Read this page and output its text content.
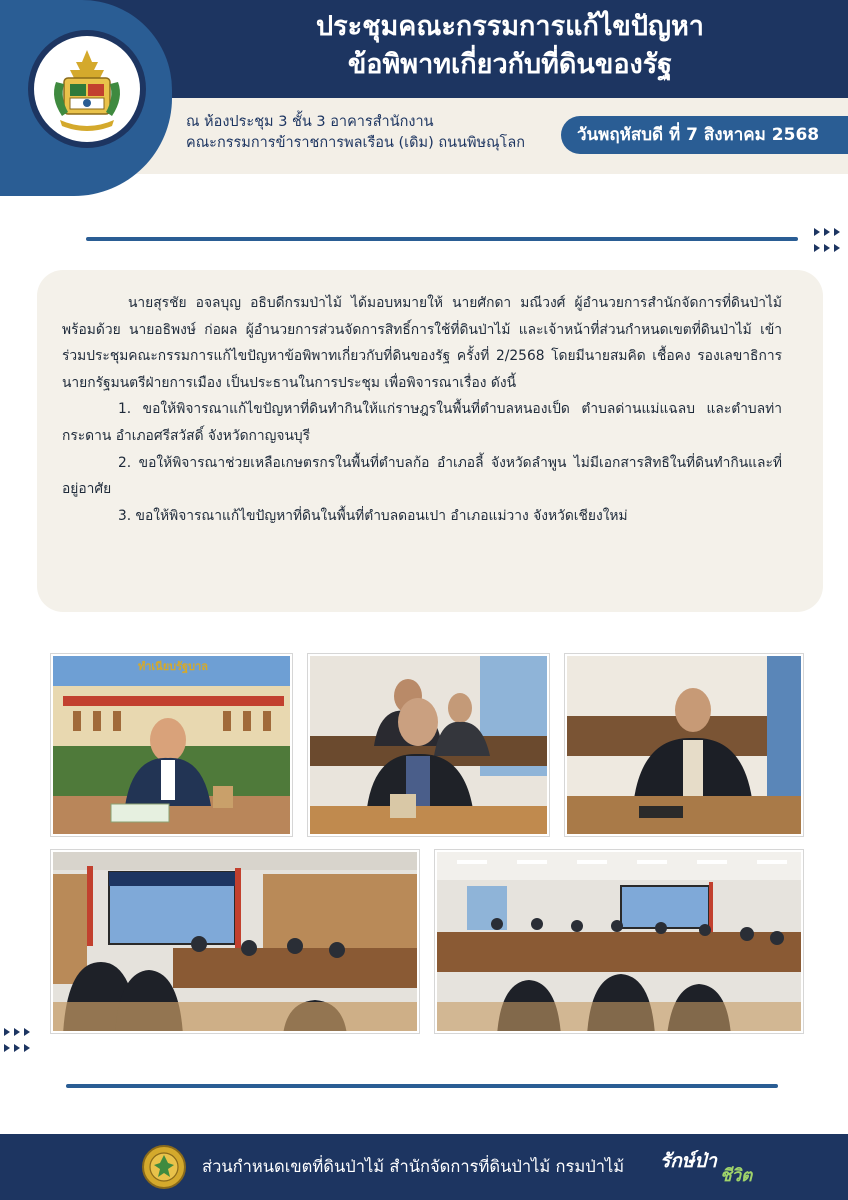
ประชุมคณะกรรมการแก้ไขปัญหา
ข้อพิพาทเกี่ยวกับที่ดินของรัฐ
ณ ห้องประชุม 3 ชั้น 3 อาคารสำนักงาน
คณะกรรมการข้าราชการพลเรือน (เดิม) ถนนพิษณุโลก	วันพฤหัสบดี ที่ 7 สิงหาคม 2568

นายสุรชัย อจลบุญ อธิบดีกรมป่าไม้ ได้มอบหมายให้ นายศักดา มณีวงศ์ ผู้อำนวยการสำนักจัดการที่ดินป่าไม้ พร้อมด้วย นายอธิพงษ์ ก่อผล ผู้อำนวยการส่วนจัดการสิทธิ์การใช้ที่ดินป่าไม้ และเจ้าหน้าที่ส่วนกำหนดเขตที่ดินป่าไม้ เข้าร่วมประชุมคณะกรรมการแก้ไขปัญหาข้อพิพาทเกี่ยวกับที่ดินของรัฐ ครั้งที่ 2/2568 โดยมีนายสมคิด เชื้อคง รองเลขาธิการนายกรัฐมนตรีฝ่ายการเมือง เป็นประธานในการประชุม เพื่อพิจารณาเรื่อง ดังนี้

1. ขอให้พิจารณาแก้ไขปัญหาที่ดินทำกินให้แก่ราษฎรในพื้นที่ตำบลหนองเป็ด ตำบลด่านแม่แฉลบ และตำบลท่ากระดาน อำเภอศรีสวัสดิ์ จังหวัดกาญจนบุรี

2. ขอให้พิจารณาช่วยเหลือเกษตรกรในพื้นที่ตำบลก้อ อำเภอลี้ จังหวัดลำพูน ไม่มีเอกสารสิทธิในที่ดินทำกินและที่อยู่อาศัย

3. ขอให้พิจารณาแก้ไขปัญหาที่ดินในพื้นที่ตำบลดอนเปา อำเภอแม่วาง จังหวัดเชียงใหม่

ทำเนียบรัฐบาล
ส่วนกำหนดเขตที่ดินป่าไม้ สำนักจัดการที่ดินป่าไม้ กรมป่าไม้ รักษ์ป่า
ชีวิต
